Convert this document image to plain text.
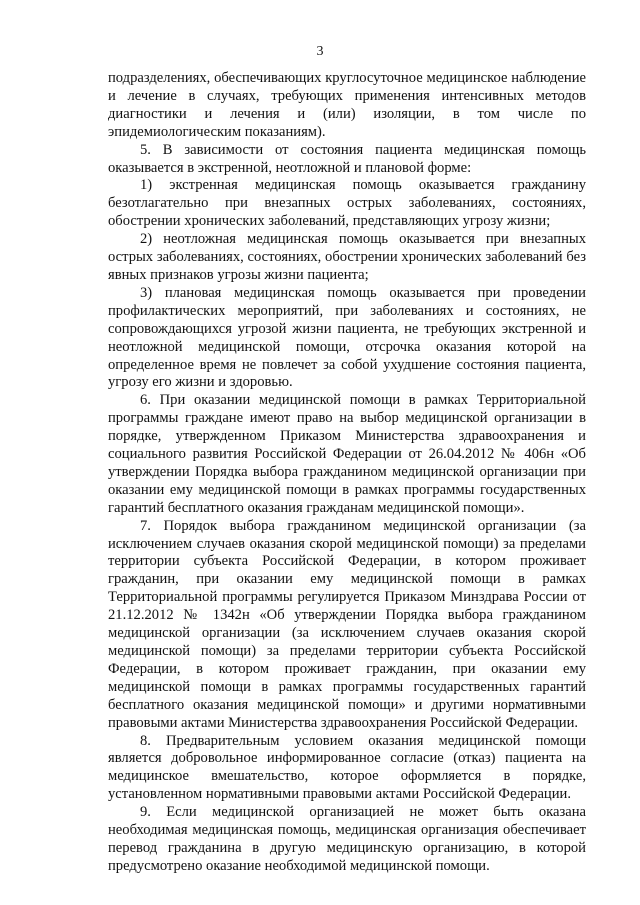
3

подразделениях, обеспечивающих круглосуточное медицинское наблюдение и лечение в случаях, требующих применения интенсивных методов диагностики и лечения и (или) изоляции, в том числе по эпидемиологическим показаниям).

5. В зависимости от состояния пациента медицинская помощь оказывается в экстренной, неотложной и плановой форме:

1) экстренная медицинская помощь оказывается гражданину безотлагательно при внезапных острых заболеваниях, состояниях, обострении хронических заболеваний, представляющих угрозу жизни;

2) неотложная медицинская помощь оказывается при внезапных острых заболеваниях, состояниях, обострении хронических заболеваний без явных признаков угрозы жизни пациента;

3) плановая медицинская помощь оказывается при проведении профилактических мероприятий, при заболеваниях и состояниях, не сопровождающихся угрозой жизни пациента, не требующих экстренной и неотложной медицинской помощи, отсрочка оказания которой на определенное время не повлечет за собой ухудшение состояния пациента, угрозу его жизни и здоровью.

6. При оказании медицинской помощи в рамках Территориальной программы граждане имеют право на выбор медицинской организации в порядке, утвержденном Приказом Министерства здравоохранения и социального развития Российской Федерации от 26.04.2012 № 406н «Об утверждении Порядка выбора гражданином медицинской организации при оказании ему медицинской помощи в рамках программы государственных гарантий бесплатного оказания гражданам медицинской помощи».

7. Порядок выбора гражданином медицинской организации (за исключением случаев оказания скорой медицинской помощи) за пределами территории субъекта Российской Федерации, в котором проживает гражданин, при оказании ему медицинской помощи в рамках Территориальной программы регулируется Приказом Минздрава России от 21.12.2012 № 1342н «Об утверждении Порядка выбора гражданином медицинской организации (за исключением случаев оказания скорой медицинской помощи) за пределами территории субъекта Российской Федерации, в котором проживает гражданин, при оказании ему медицинской помощи в рамках программы государственных гарантий бесплатного оказания медицинской помощи» и другими нормативными правовыми актами Министерства здравоохранения Российской Федерации.

8. Предварительным условием оказания медицинской помощи является добровольное информированное согласие (отказ) пациента на медицинское вмешательство, которое оформляется в порядке, установленном нормативными правовыми актами Российской Федерации.

9. Если медицинской организацией не может быть оказана необходимая медицинская помощь, медицинская организация обеспечивает перевод гражданина в другую медицинскую организацию, в которой предусмотрено оказание необходимой медицинской помощи.
